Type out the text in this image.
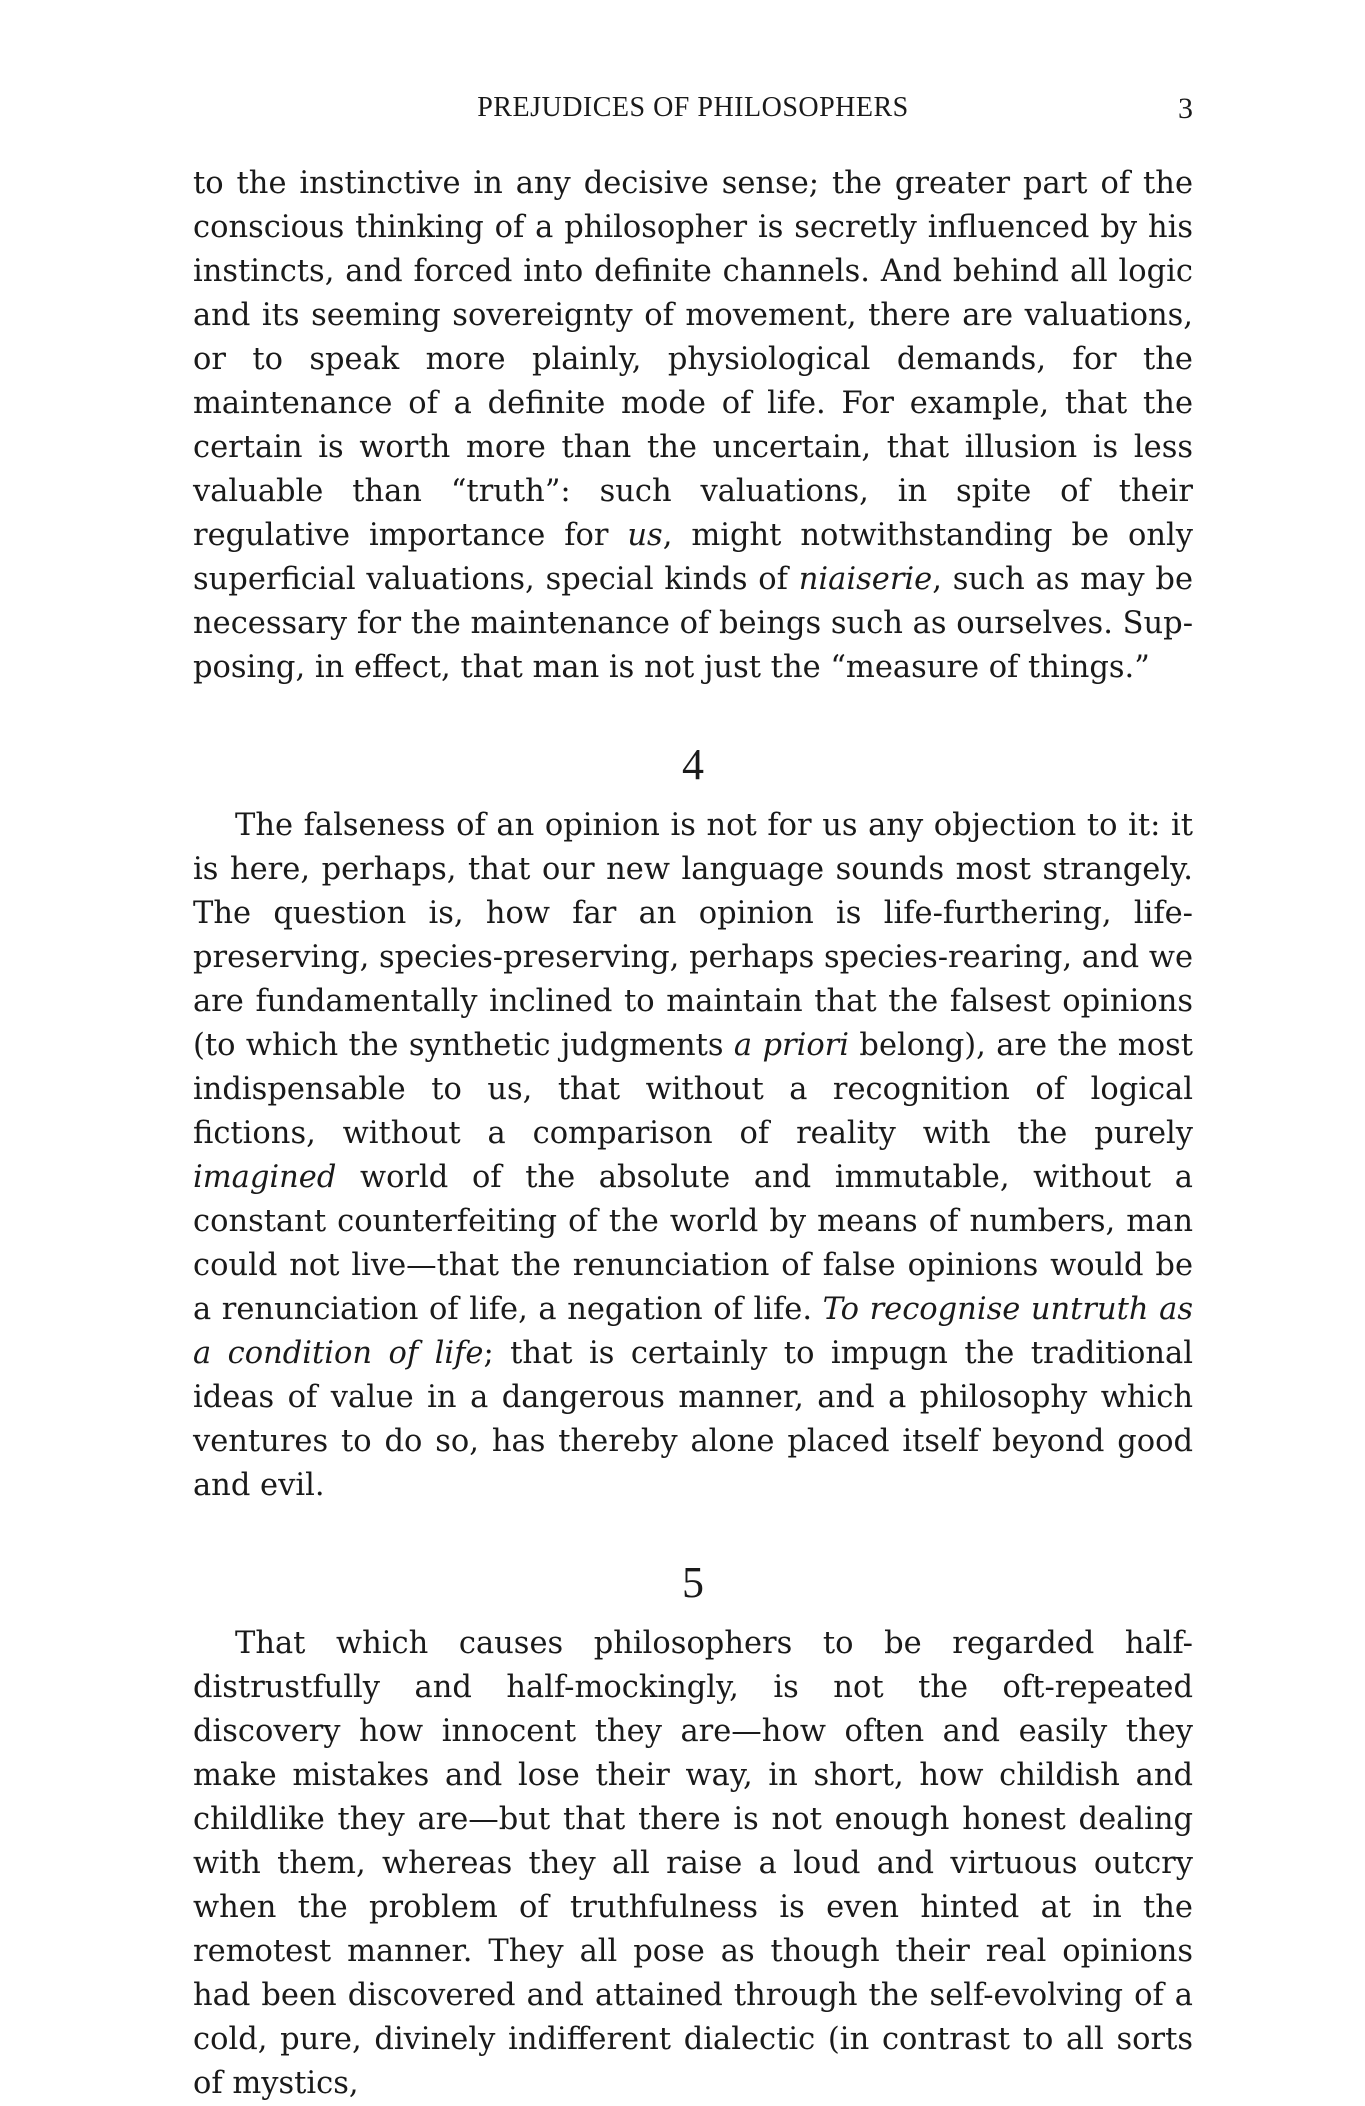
PREJUDICES OF PHILOSOPHERS	3

to the instinctive in any decisive sense; the greater part of the conscious thinking of a philosopher is secretly influenced by his instincts, and forced into definite channels. And behind all logic and its seeming sovereignty of movement, there are valuations, or to speak more plainly, physiological demands, for the maintenance of a definite mode of life. For example, that the certain is worth more than the uncertain, that illusion is less valuable than “truth”: such valuations, in spite of their regulative importance for us, might notwithstanding be only superficial valuations, special kinds of niaiserie, such as may be necessary for the maintenance of beings such as ourselves. Supposing, in effect, that man is not just the “measure of things.”

4

The falseness of an opinion is not for us any objection to it: it is here, perhaps, that our new language sounds most strangely. The question is, how far an opinion is life-furthering, life-preserving, species-preserving, perhaps species-rearing, and we are fundamentally inclined to maintain that the falsest opinions (to which the synthetic judgments a priori belong), are the most indispensable to us, that without a recognition of logical fictions, without a comparison of reality with the purely imagined world of the absolute and immutable, without a constant counterfeiting of the world by means of numbers, man could not live—that the renunciation of false opinions would be a renunciation of life, a negation of life. To recognise untruth as a condition of life; that is certainly to impugn the traditional ideas of value in a dangerous manner, and a philosophy which ventures to do so, has thereby alone placed itself beyond good and evil.

5

That which causes philosophers to be regarded half-distrustfully and half-mockingly, is not the oft-repeated discovery how innocent they are—how often and easily they make mistakes and lose their way, in short, how childish and childlike they are—but that there is not enough honest dealing with them, whereas they all raise a loud and virtuous outcry when the problem of truthfulness is even hinted at in the remotest manner. They all pose as though their real opinions had been discovered and attained through the self-evolving of a cold, pure, divinely indifferent dialectic (in contrast to all sorts of mystics,
